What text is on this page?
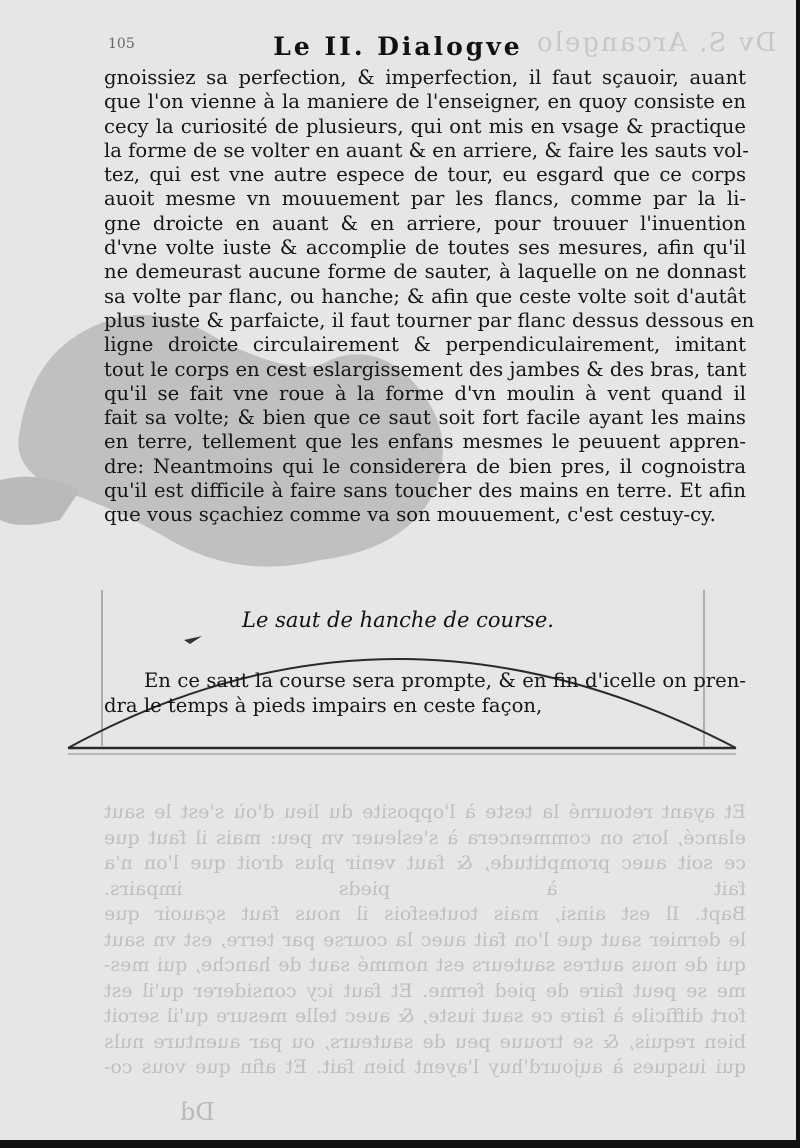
Dv S. Arcangelo
105	Le II. Dialogve
gnoissiez sa perfection, & imperfection, il faut sçauoir, auant
que l'on vienne à la maniere de l'enseigner, en quoy consiste en
cecy la curiosité de plusieurs, qui ont mis en vsage & practique
la forme de se volter en auant & en arriere, & faire les sauts vol-
tez, qui est vne autre espece de tour, eu esgard que ce corps
auoit mesme vn mouuement par les flancs, comme par la li-
gne droicte en auant & en arriere, pour trouuer l'inuention
d'vne volte iuste & accomplie de toutes ses mesures, afin qu'il
ne demeurast aucune forme de sauter, à laquelle on ne donnast
sa volte par flanc, ou hanche; & afin que ceste volte soit d'autât
plus iuste & parfaicte, il faut tourner par flanc dessus dessous en
ligne droicte circulairement & perpendiculairement, imitant
tout le corps en cest eslargissement des jambes & des bras, tant
qu'il se fait vne roue à la forme d'vn moulin à vent quand il
fait sa volte; & bien que ce saut soit fort facile ayant les mains
en terre, tellement que les enfans mesmes le peuuent appren-
dre: Neantmoins qui le considerera de bien pres, il cognoistra
qu'il est difficile à faire sans toucher des mains en terre. Et afin
que vous sçachiez comme va son mouuement, c'est cestuy-cy.
Le saut de hanche de course.
En ce saut la course sera prompte, & en fin d'icelle on pren-
dra le temps à pieds impairs en ceste façon,
Et ayant retourné la teste à l'opposite du lieu d'où s'est le saut
elancé, lors on commencera à s'esleuer vn peu: mais il faut que
ce soit auec promptitude, & faut venir plus droit que l'on n'a
fait à pieds impairs.
Bapt. Il est ainsi, mais toutesfois il nous faut sçauoir que
le dernier saut que l'on fait auec la course par terre, est vn saut
qui de nous autres sauteurs est nommé saut de hanche, qui mes-
me se peut faire de pied ferme. Et faut icy considerer qu'il est
fort difficile à faire ce saut iuste, & auec telle mesure qu'il seroit
bien requis, & se trouue peu de sauteurs, ou par auenture nuls
qui iusques à aujourd'huy l'ayent bien fait. Et afin que vous co-
Dd
